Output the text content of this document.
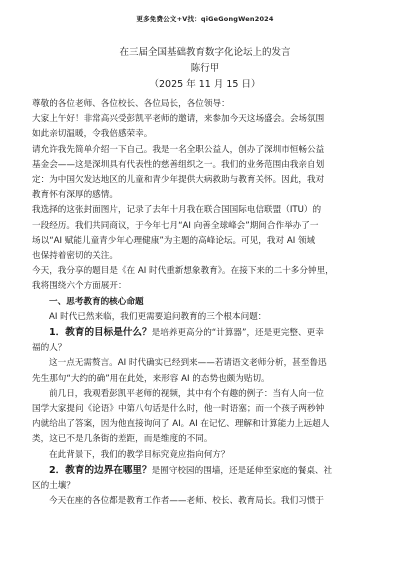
更多免费公文+V找：qiGeGongWen2024
在三届全国基础教育数字化论坛上的发言
陈行甲
（2025 年 11 月 15 日）
尊敬的各位老师、各位校长、各位局长，各位领导：
大家上午好！非常高兴受彭凯平老师的邀请，来参加今天这场盛会。会场氛围
如此亲切温暖，令我倍感荣幸。
请允许我先简单介绍一下自己。我是一名全职公益人，创办了深圳市恒畅公益
基金会——这是深圳具有代表性的慈善组织之一。我们的业务范围由我亲自划
定：为中国欠发达地区的儿童和青少年提供大病救助与教育关怀。因此，我对
教育怀有深厚的感情。
我选择的这张封面图片，记录了去年十月我在联合国国际电信联盟（ITU）的
一段经历。我们共同商议，于今年七月“AI 向善全球峰会”期间合作举办了一
场以“AI 赋能儿童青少年心理健康”为主题的高峰论坛。可见，我对 AI 领域
也保持着密切的关注。
今天，我分享的题目是《在 AI 时代重新想象教育》。在接下来的二十多分钟里，
我将围绕六个方面展开：
一、思考教育的核心命题
AI 时代已然来临，我们更需要追问教育的三个根本问题：
1．教育的目标是什么？是培养更高分的“计算器”，还是更完整、更幸
福的人？
这一点无需赘言。AI 时代确实已经到来——若请语文老师分析，甚至鲁迅
先生那句“大约的确”用在此处，来形容 AI 的态势也颇为贴切。
前几日，我观看彭凯平老师的视频，其中有个有趣的例子：当有人向一位
国学大家提问《论语》中第八句话是什么时，他一时语塞；而一个孩子两秒钟
内就给出了答案，因为他直接询问了 AI。AI 在记忆、理解和计算能力上远超人
类，这已不是几条街的差距，而是维度的不同。
在此背景下，我们的教学目标究竟应指向何方？
2．教育的边界在哪里？是囿守校园的围墙，还是延伸至家庭的餐桌、社
区的土壤？
今天在座的各位都是教育工作者——老师、校长、教育局长。我们习惯于
